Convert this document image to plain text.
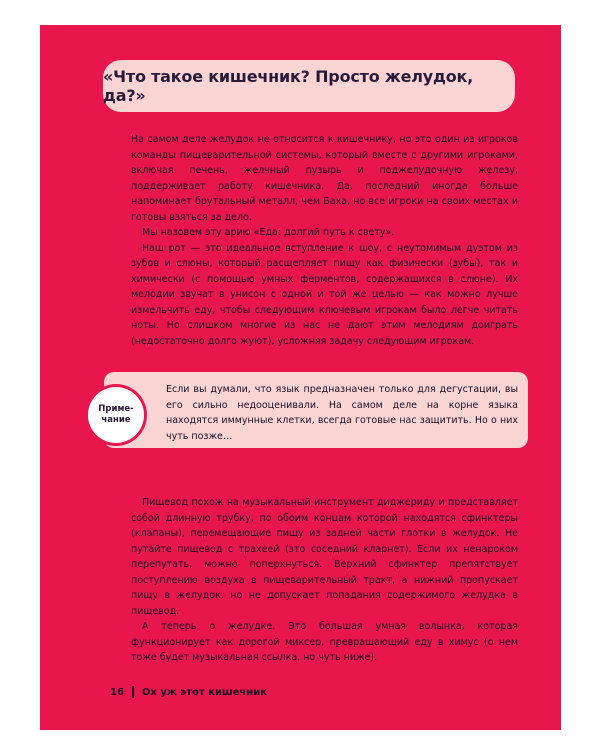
«Что такое кишечник? Просто желудок, да?»

На самом деле желудок не относится к кишечнику, но это один из игроков команды пищеварительной системы, который вместе с другими игроками, включая печень, желчный пузырь и поджелудочную железу, поддерживает работу кишечника. Да, последний иногда больше напоминает брутальный металл, чем Баха, но все игроки на своих местах и готовы взяться за дело.

Мы назовем эту арию «Еда: долгий путь к свету».

Наш рот — это идеальное вступление к шоу, с неутомимым дуэтом из зубов и слюны, который расщепляет пищу как физически (зубы), так и химически (с помощью умных ферментов, содержащихся в слюне). Их мелодии звучат в унисон с одной и той же целью — как можно лучше измельчить еду, чтобы следующим ключевым игрокам было легче читать ноты. Но слишком многие из нас не дают этим мелодиям доиграть (недостаточно долго жуют), усложняя задачу следующим игрокам.

Если вы думали, что язык предназначен только для дегустации, вы его сильно недооценивали. На самом деле на корне языка находятся иммунные клетки, всегда готовые нас защитить. Но о них чуть позже…
Приме-
чание

Пищевод похож на музыкальный инструмент диджериду и представляет собой длинную трубку, по обоим концам которой находятся сфинктеры (клапаны), перемещающие пищу из задней части глотки в желудок. Не путайте пищевод с трахеей (это соседний кларнет). Если их ненароком перепутать, можно поперхнуться. Верхний сфинктер препятствует поступлению воздуха в пищеварительный тракт, а нижний пропускает пищу в желудок, но не допускает попадания содержимого желудка в пищевод.

А теперь о желудке. Это большая умная волынка, которая функционирует как дорогой миксер, превращающий еду в химус (о нем тоже будет музыкальная ссылка, но чуть ниже).

16 Ох уж этот кишечник
